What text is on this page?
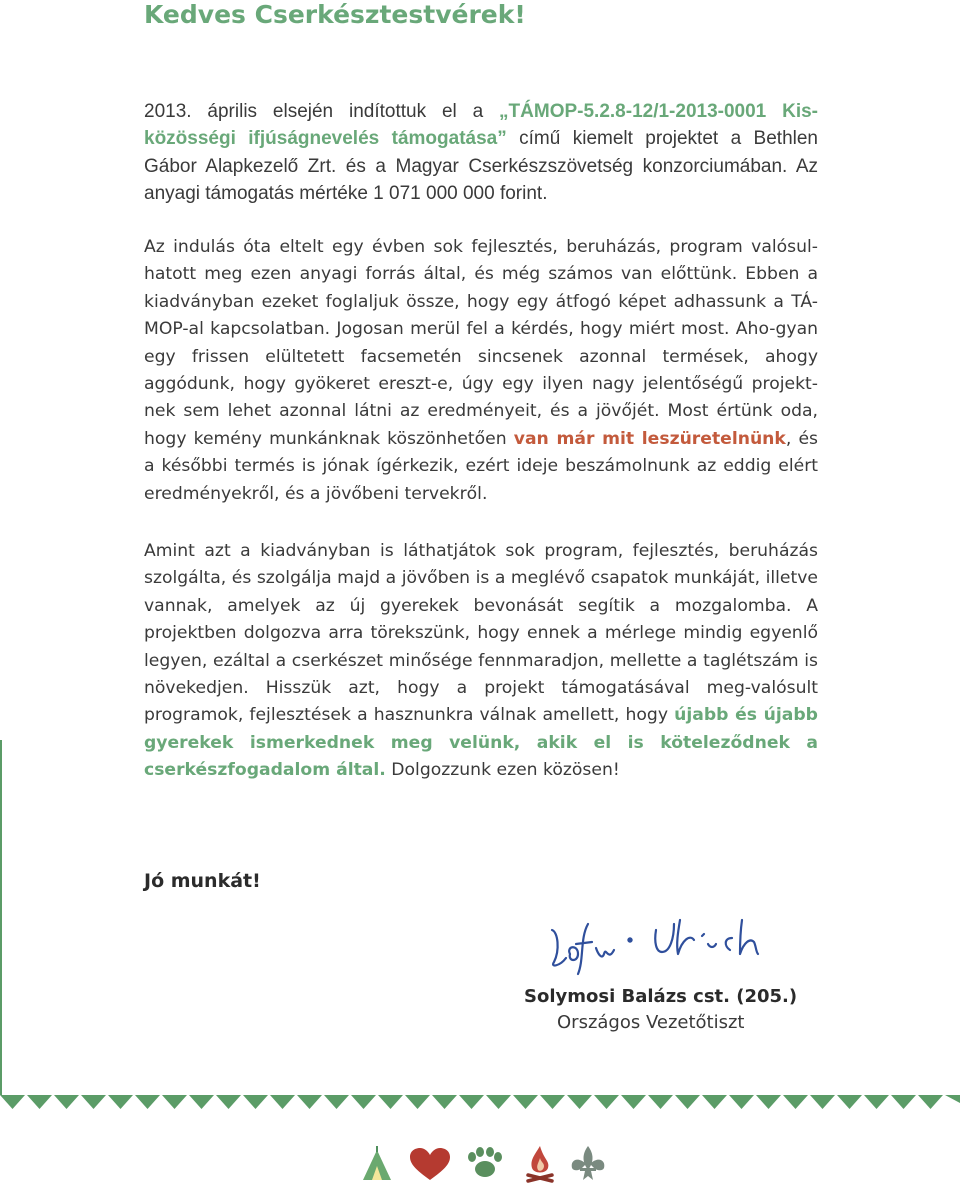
Kedves Cserkésztestvérek!

2013. április elsején indítottuk el a „TÁMOP-5.2.8-12/1-2013-0001 Kis-közösségi ifjúságnevelés támogatása” című kiemelt projektet a Bethlen Gábor Alapkezelő Zrt. és a Magyar Cserkészszövetség konzorciumában. Az anyagi támogatás mértéke 1 071 000 000 forint.

Az indulás óta eltelt egy évben sok fejlesztés, beruházás, program valósul-hatott meg ezen anyagi forrás által, és még számos van előttünk. Ebben a kiadványban ezeket foglaljuk össze, hogy egy átfogó képet adhassunk a TÁ-MOP-al kapcsolatban. Jogosan merül fel a kérdés, hogy miért most. Aho-gyan egy frissen elültetett facsemetén sincsenek azonnal termések, ahogy aggódunk, hogy gyökeret ereszt-e, úgy egy ilyen nagy jelentőségű projekt-nek sem lehet azonnal látni az eredményeit, és a jövőjét. Most értünk oda, hogy kemény munkánknak köszönhetően van már mit leszüretelnünk, és a későbbi termés is jónak ígérkezik, ezért ideje beszámolnunk az eddig elért eredményekről, és a jövőbeni tervekről.

Amint azt a kiadványban is láthatjátok sok program, fejlesztés, beruházás szolgálta, és szolgálja majd a jövőben is a meglévő csapatok munkáját, illetve vannak, amelyek az új gyerekek bevonását segítik a mozgalomba. A projektben dolgozva arra törekszünk, hogy ennek a mérlege mindig egyenlő legyen, ezáltal a cserkészet minősége fennmaradjon, mellette a taglétszám is növekedjen. Hisszük azt, hogy a projekt támogatásával meg-valósult programok, fejlesztések a hasznunkra válnak amellett, hogy újabb és újabb gyerekek ismerkednek meg velünk, akik el is köteleződnek a cserkészfogadalom által. Dolgozzunk ezen közösen!

Jó munkát!

Solymosi Balázs cst. (205.)

Országos Vezetőtiszt
